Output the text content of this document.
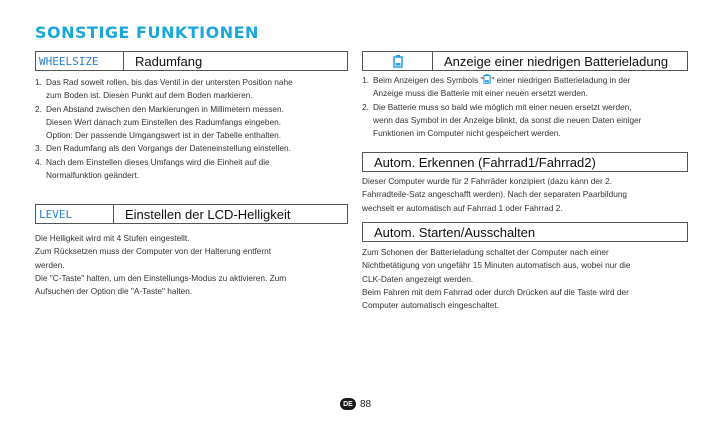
SONSTIGE FUNKTIONEN
WHEELSIZE	Radumfang
1. Das Rad soweit rollen, bis das Ventil in der untersten Position nahe

zum Boden ist. Diesen Punkt auf dem Boden markieren.

2. Den Abstand zwischen den Markierungen in Millimetern messen.

Diesen Wert danach zum Einstellen des Radumfangs eingeben.

Option: Der passende Umgangswert ist in der Tabelle enthalten.

3. Den Radumfang als den Vorgangs der Dateneinstellung einstellen.

4. Nach dem Einstellen dieses Umfangs wird die Einheit auf die

Normalfunktion geändert.

LEVEL	Einstellen der LCD-Helligkeit

Die Helligkeit wird mit 4 Stufen eingestellt.

Zum Rücksetzen muss der Computer von der Halterung entfernt

werden.

Die "C-Taste" halten, um den Einstellungs-Modus zu aktivieren. Zum

Aufsuchen der Option die "A-Taste" halten.

Anzeige einer niedrigen Batterieladung
1. Beim Anzeigen des Symbols " " einer niedrigen Batterieladung in der

Anzeige muss die Batterie mit einer neuen ersetzt werden.

2. Die Batterie muss so bald wie möglich mit einer neuen ersetzt werden,

wenn das Symbol in der Anzeige blinkt, da sonst die neuen Daten einiger

Funktionen im Computer nicht gespeichert werden.

Autom. Erkennen (Fahrrad1/Fahrrad2)

Dieser Computer wurde für 2 Fahrräder konzipiert (dazu kann der 2.

Fahrradteile-Satz angeschafft werden). Nach der separaten Paarbildung

wechselt er automatisch auf Fahrrad 1 oder Fahrrad 2.

Autom. Starten/Ausschalten

Zum Schonen der Batterieladung schaltet der Computer nach einer

Nichtbetätigung von ungefähr 15 Minuten automatisch aus, wobei nur die

CLK-Daten angezeigt werden.

Beim Fahren mit dem Fahrrad oder durch Drücken auf die Taste wird der

Computer automatisch eingeschaltet.

DE 88
